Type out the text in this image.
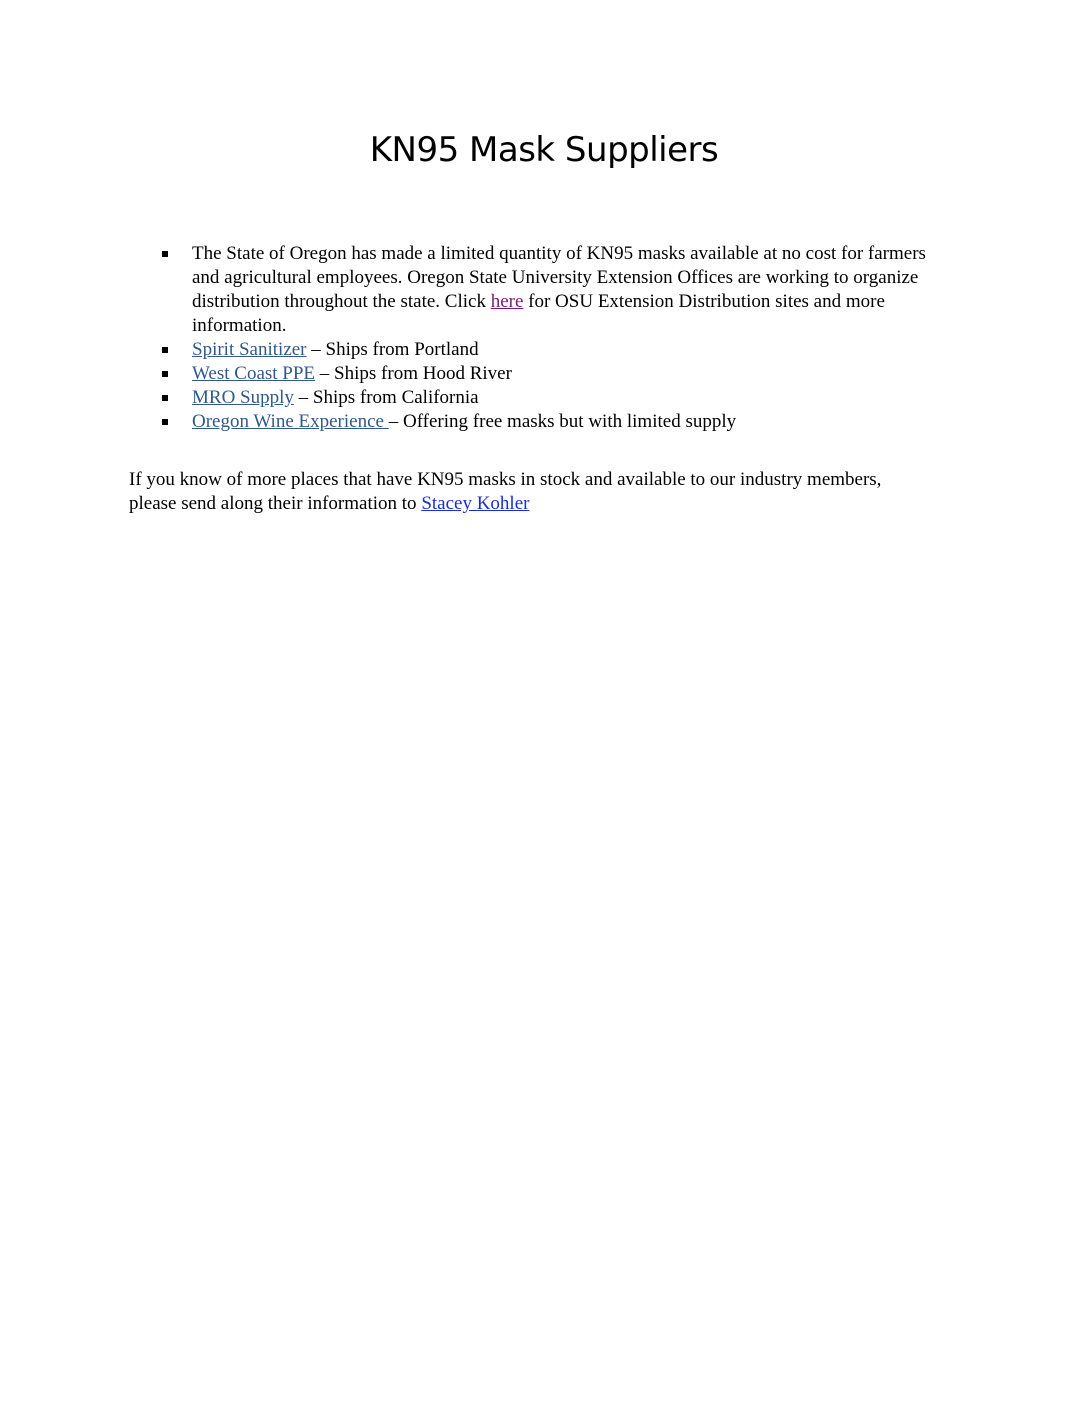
KN95 Mask Suppliers
The State of Oregon has made a limited quantity of KN95 masks available at no cost for farmers and agricultural employees. Oregon State University Extension Offices are working to organize distribution throughout the state. Click here for OSU Extension Distribution sites and more information.
Spirit Sanitizer – Ships from Portland
West Coast PPE – Ships from Hood River
MRO Supply – Ships from California
Oregon Wine Experience – Offering free masks but with limited supply

If you know of more places that have KN95 masks in stock and available to our industry members, please send along their information to Stacey Kohler
